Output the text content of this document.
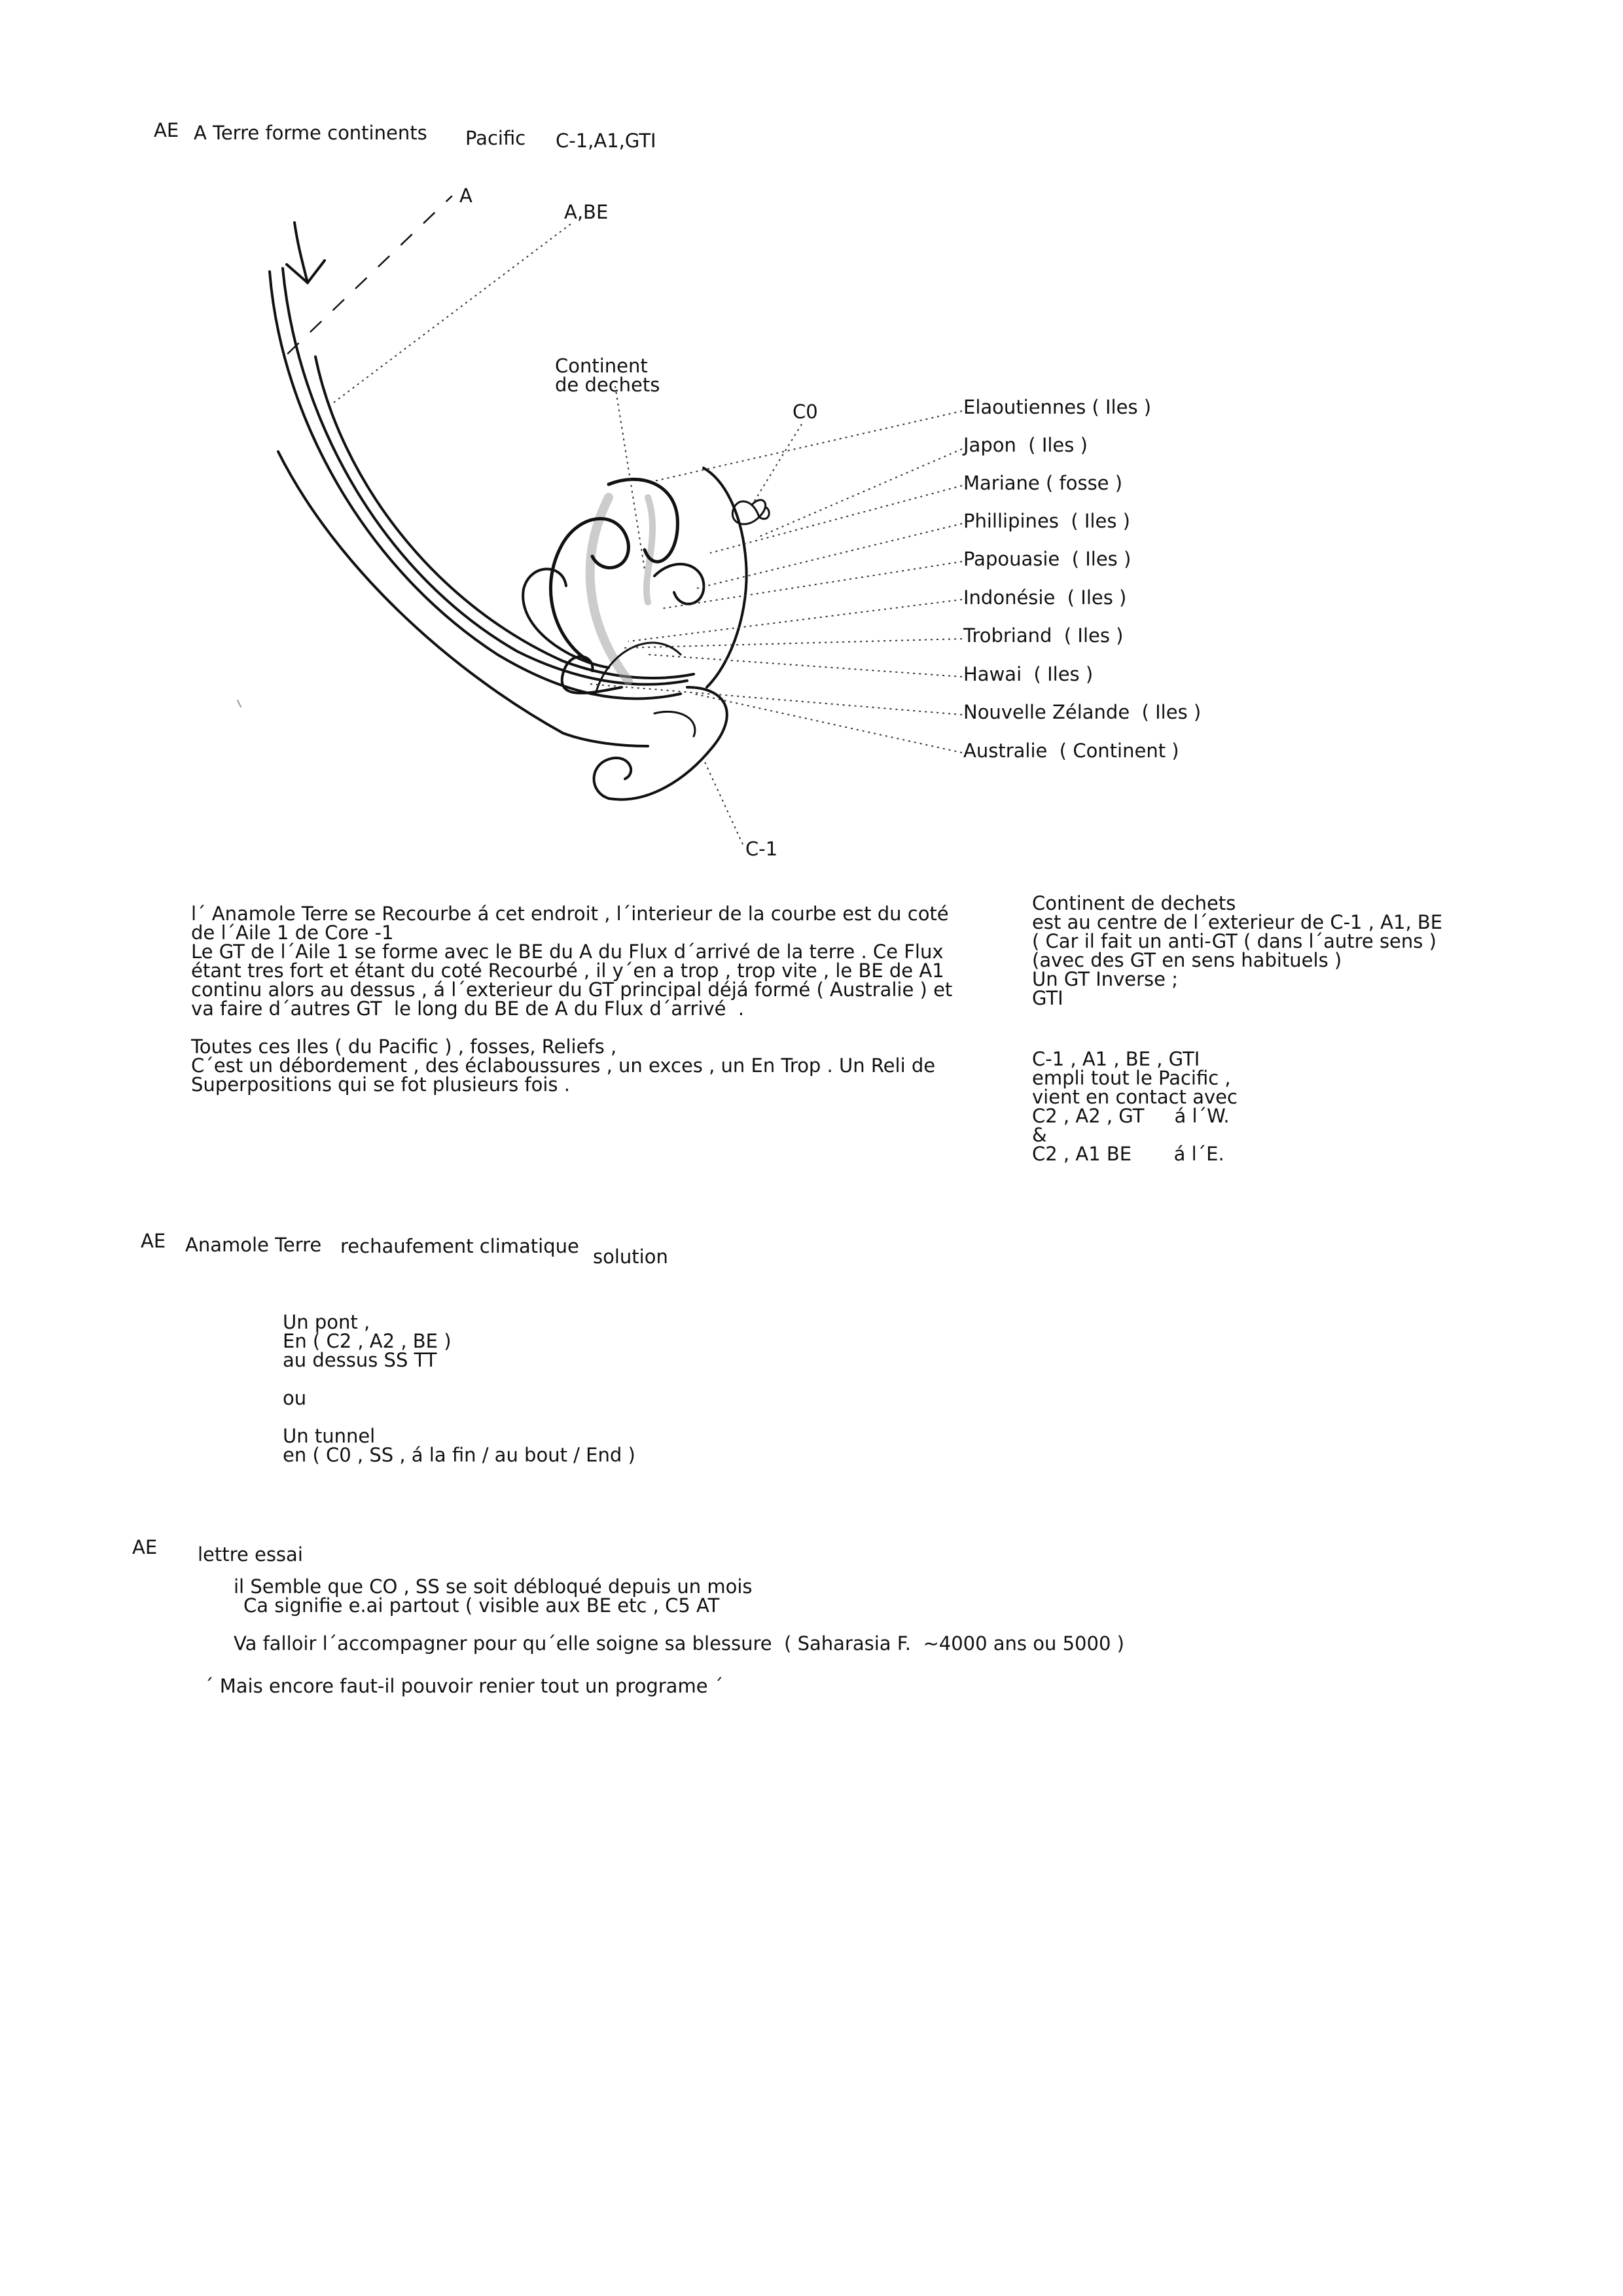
AE A Terre forme continents Pacific C-1,A1,GTI
A
A,BE
Continent
de dechets
C0
C-1
Elaoutiennes ( Iles )
Japon  ( Iles )
Mariane ( fosse )
Phillipines  ( Iles )
Papouasie  ( Iles )
Indonésie  ( Iles )
Trobriand  ( Iles )
Hawai  ( Iles )
Nouvelle Zélande  ( Iles )
Australie  ( Continent )
l´ Anamole Terre se Recourbe á cet endroit , l´interieur de la courbe est du coté
de l´Aile 1 de Core -1
Le GT de l´Aile 1 se forme avec le BE du A du Flux d´arrivé de la terre . Ce Flux
étant tres fort et étant du coté Recourbé , il y´en a trop , trop vite , le BE de A1
continu alors au dessus , á l´exterieur du GT principal déjá formé ( Australie ) et
va faire d´autres GT  le long du BE de A du Flux d´arrivé  .
Toutes ces Iles ( du Pacific ) , fosses, Reliefs ,
C´est un débordement , des éclaboussures , un exces , un En Trop . Un Reli de
Superpositions qui se fot plusieurs fois .
Continent de dechets
est au centre de l´exterieur de C-1 , A1, BE
( Car il fait un anti-GT ( dans l´autre sens )
(avec des GT en sens habituels )
Un GT Inverse ;
GTI
C-1 , A1 , BE , GTI
empli tout le Pacific ,
vient en contact avec
C2 , A2 , GT     á l´W.
&
C2 , A1 BE       á l´E.
AE Anamole Terre rechaufement climatique solution
Un pont ,
En ( C2 , A2 , BE )
au dessus SS TT
ou
Un tunnel
en ( C0 , SS , á la fin / au bout / End )
AE lettre essai
il Semble que CO , SS se soit débloqué depuis un mois
Ca signifie e.ai partout ( visible aux BE etc , C5 AT
Va falloir l´accompagner pour qu´elle soigne sa blessure  ( Saharasia F.  ~4000 ans ou 5000 )
´ Mais encore faut-il pouvoir renier tout un programe ´
